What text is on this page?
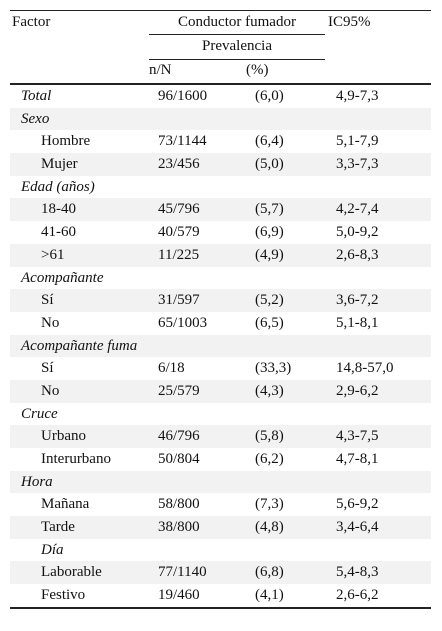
Factor	Conductor fumador	IC95%
Prevalencia
n/N	(%)
Total	96/1600	(6,0)	4,9-7,3
Sexo
Hombre	73/1144	(6,4)	5,1-7,9
Mujer	23/456	(5,0)	3,3-7,3
Edad (años)
18-40	45/796	(5,7)	4,2-7,4
41-60	40/579	(6,9)	5,0-9,2
>61	11/225	(4,9)	2,6-8,3
Acompañante
Sí	31/597	(5,2)	3,6-7,2
No	65/1003	(6,5)	5,1-8,1
Acompañante fuma
Sí	6/18	(33,3)	14,8-57,0
No	25/579	(4,3)	2,9-6,2
Cruce
Urbano	46/796	(5,8)	4,3-7,5
Interurbano	50/804	(6,2)	4,7-8,1
Hora
Mañana	58/800	(7,3)	5,6-9,2
Tarde	38/800	(4,8)	3,4-6,4
Día
Laborable	77/1140	(6,8)	5,4-8,3
Festivo	19/460	(4,1)	2,6-6,2
